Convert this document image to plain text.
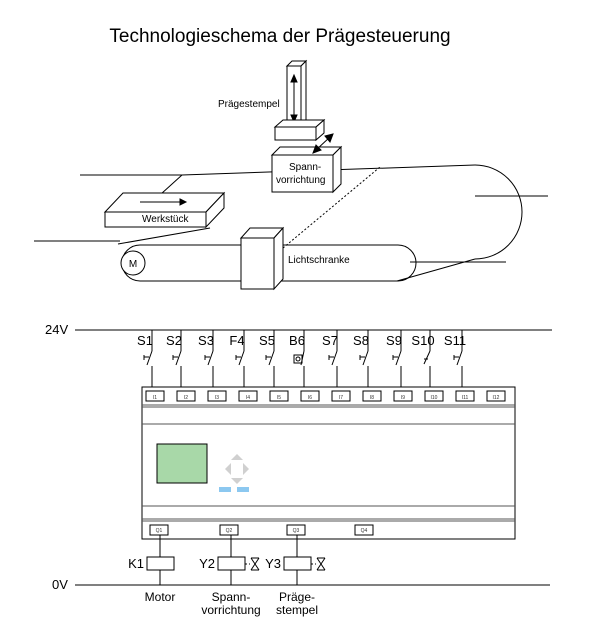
Technologieschema der Prägesteuerung
M
Werkstück
Lichtschranke
Prägestempel
Spann-
vorrichtung
24V
0V
S1 S2 S3 F4 S5 B6 S7 S8 S9 S10 S11
I1	I2	I3	I4	I5	I6	I7	I8	I9	I10	I11	I12
Q1	Q2	Q3	Q4
K1
Motor
Y2
Spann-
vorrichtung
Y3
Präge-
stempel
